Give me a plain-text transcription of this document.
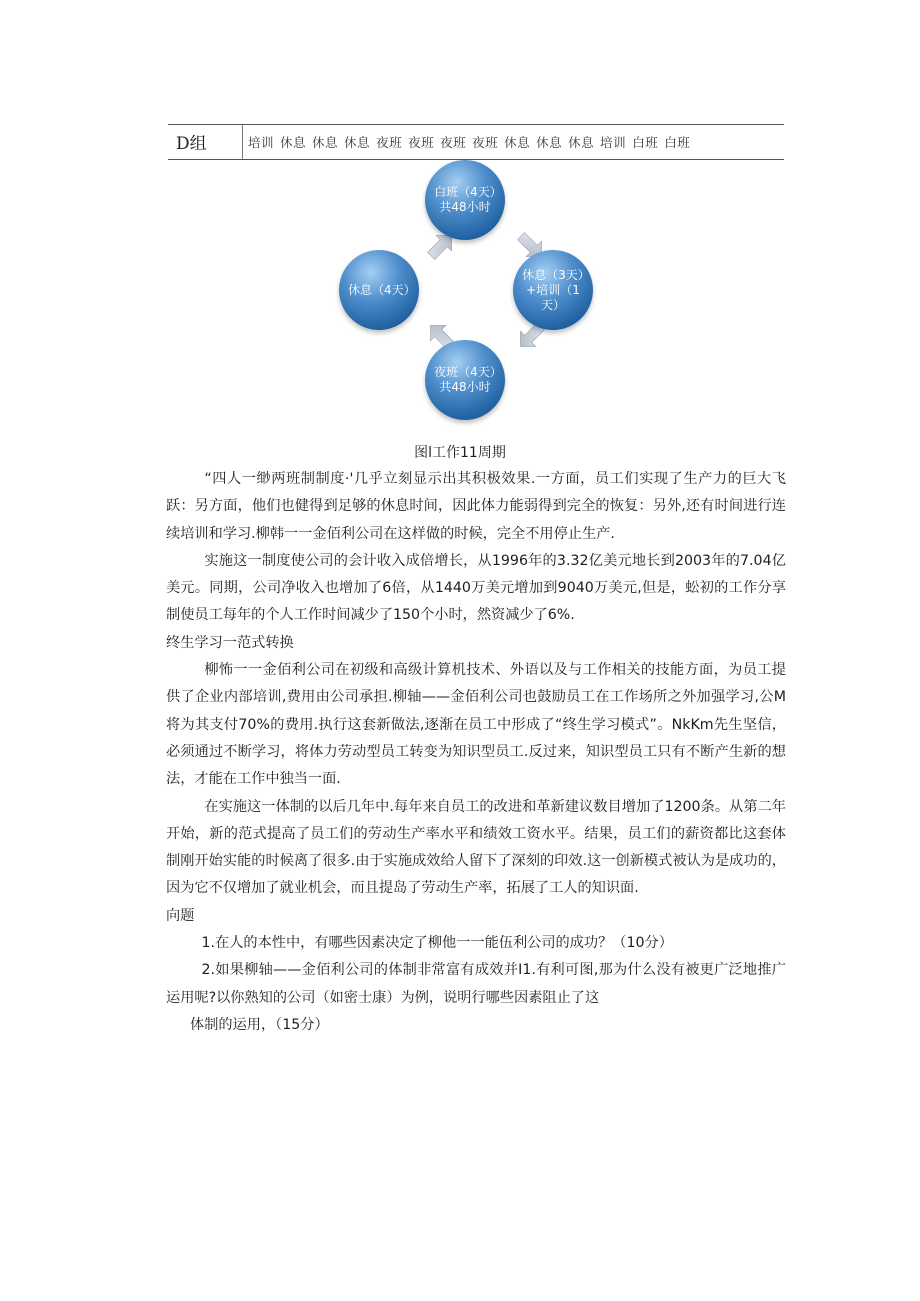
D组	培训 休息 休息 休息 夜班 夜班 夜班 夜班 休息 休息 休息 培训 白班 白班
白班（4天）共48小时
休息（3天）+培训（1天）
夜班（4天）共48小时
休息（4天）
图l工作11周期

“四人一缈两班制制度·'几乎立刻显示出其积极效果.一方面，员工们实现了生产力的巨大飞跃：另方面，他们也健得到足够的休息时间，因此体力能弱得到完全的恢复：另外,还有时间进行连续培训和学习.柳韩一一金佰利公司在这样做的时候，完全不用停止生产.

实施这一制度使公司的会计收入成倍增长，从1996年的3.32亿美元地长到2003年的7.04亿美元。同期，公司净收入也增加了6倍，从1440万美元增加到9040万美元,但是，蚣初的工作分享制使员工每年的个人工作时间减少了150个小时，然资减少了6%.

终生学习一范式转换

柳怖一一金佰利公司在初级和高级计算机技术、外语以及与工作相关的技能方面，为员工提供了企业内部培训,费用由公司承担.柳轴——金佰利公司也鼓励员工在工作场所之外加强学习,公M将为其支付70%的费用.执行这套新做法,逐渐在员工中形成了“终生学习模式”。NkKm先生坚信，必须通过不断学习，将体力劳动型员工转变为知识型员工.反过来，知识型员工只有不断产生新的想法，才能在工作中独当一面.

在实施这一体制的以后几年中.每年来自员工的改进和革新建议数目增加了1200条。从第二年开始，新的范式提高了员工们的劳动生产率水平和绩效工资水平。结果，员工们的薪资都比这套体制刚开始实能的时候离了很多.由于实施成效给人留下了深刻的印效.这一创新模式被认为是成功的，因为它不仅增加了就业机会，而且提岛了劳动生产率，拓展了工人的知识面.

向题

1.在人的本性中，有哪些因素决定了柳他一一能伍利公司的成功？（10分）

2.如果柳轴——金佰利公司的体制非常富有成效并I1.有利可图,那为什么没有被更广泛地推广运用呢?以你熟知的公司（如密士康）为例，说明行哪些因素阻止了这

体制的运用，（15分）
